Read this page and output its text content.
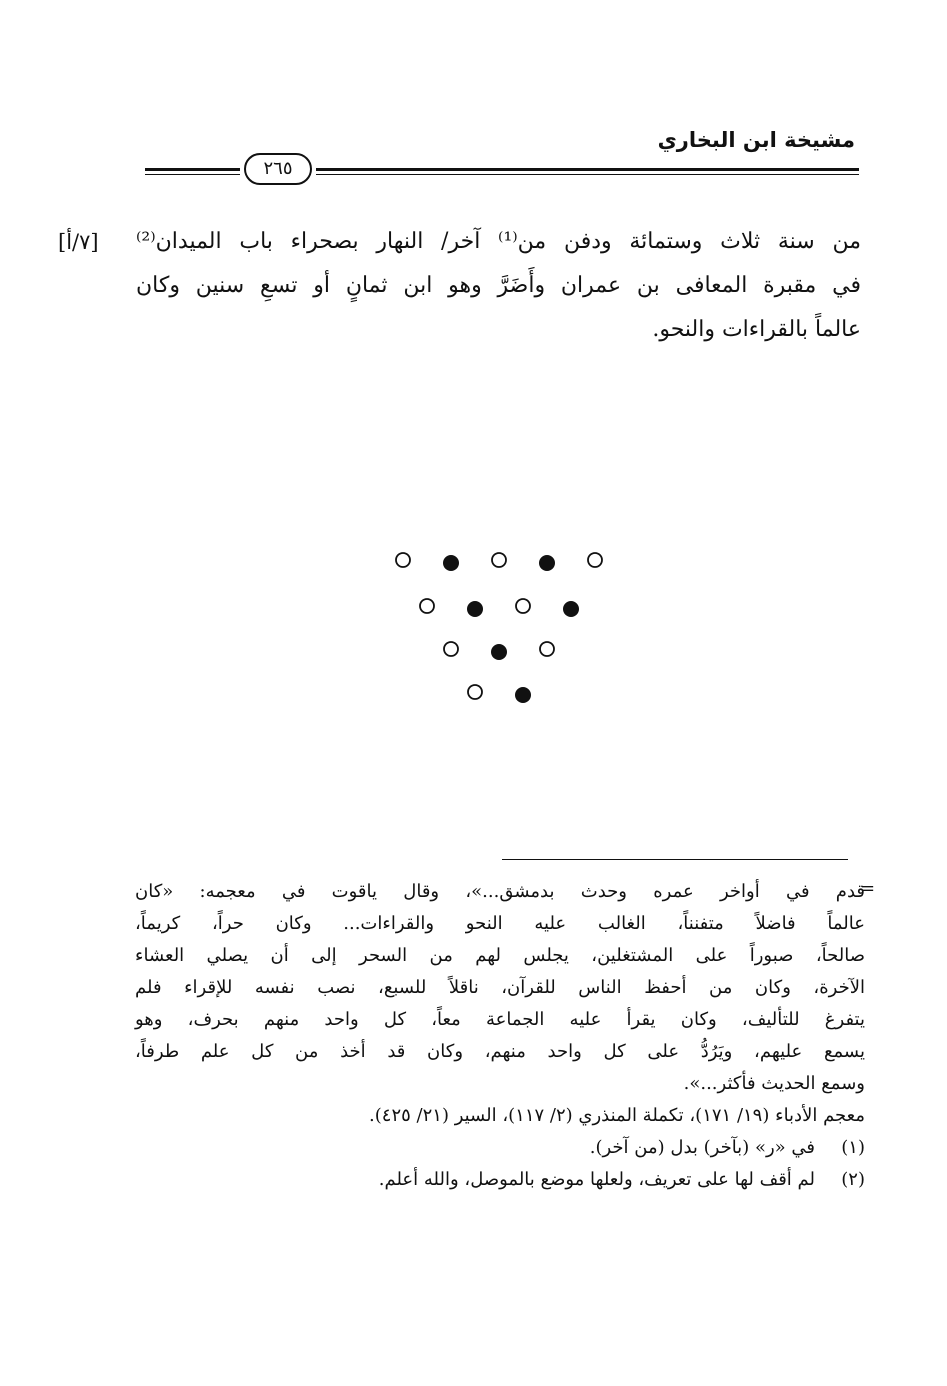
مشيخة ابن البخاري
٢٦٥
[٧/أ] من سنة ثلاث وستمائة ودفن من⁽¹⁾ آخر/ النهار بصحراء باب الميدان⁽²⁾

في مقبرة المعافى بن عمران وأَضَرَّ وهو ابن ثمانٍ أو تسعِ سنين وكان

عالماً بالقراءات والنحو.

=

قدم في أواخر عمره وحدث بدمشق...»، وقال ياقوت في معجمه: «كان

عالماً فاضلاً متفنناً، الغالب عليه النحو والقراءات... وكان حراً، كريماً،

صالحاً، صبوراً على المشتغلين، يجلس لهم من السحر إلى أن يصلي العشاء

الآخرة، وكان من أحفظ الناس للقرآن، ناقلاً للسبع، نصب نفسه للإقراء فلم

يتفرغ للتأليف، وكان يقرأ عليه الجماعة معاً، كل واحد منهم بحرف، وهو

يسمع عليهم، ويَرُدُّ على كل واحد منهم، وكان قد أخذ من كل علم طرفاً،

وسمع الحديث فأكثر...».

معجم الأدباء (١٩/ ١٧١)، تكملة المنذري (٢/ ١١٧)، السير (٢١/ ٤٢٥).

(١)في «ر» (بآخر) بدل (من آخر).

(٢)لم أقف لها على تعريف، ولعلها موضع بالموصل، والله أعلم.
